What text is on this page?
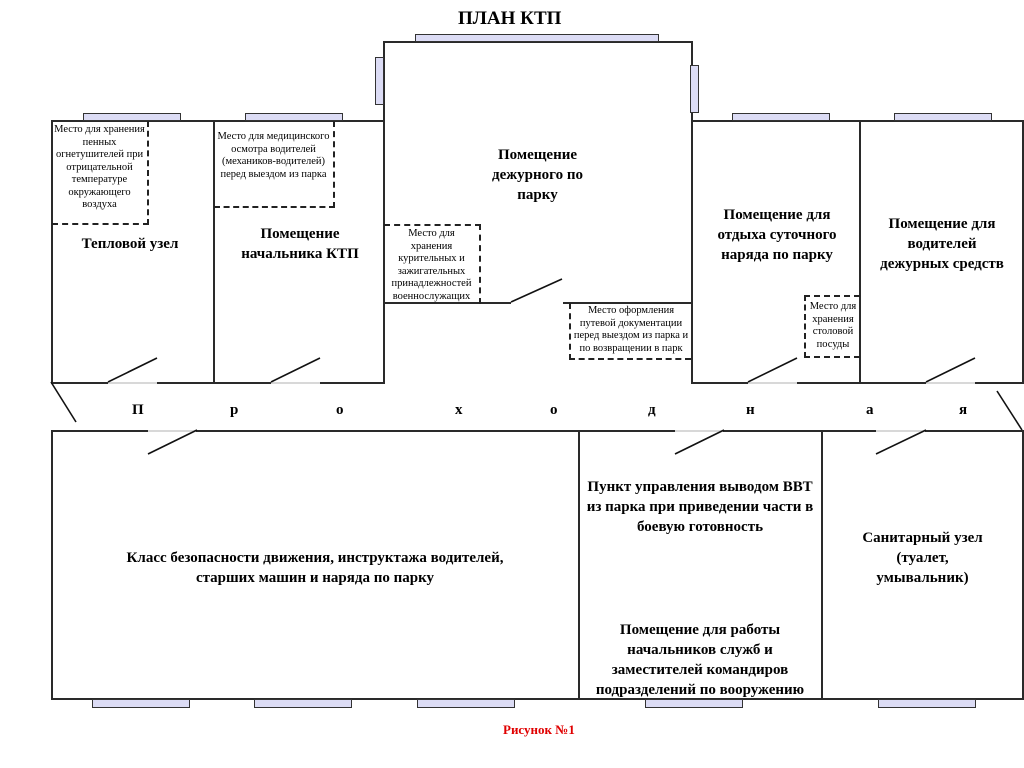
ПЛАН КТП
Место для хранения пенных огнетушителей при отрицательной температуре окружающего воздуха
Место для медицинского осмотра водителей (механиков-водителей) перед выездом из парка
Место для хранения курительных и зажигательных принадлежностей военнослужащих
Место оформления путевой документации перед выездом из парка и по возвращении в парк
Место для хранения столовой посуды
Тепловой узел
Помещение начальника КТП
Помещение дежурного по парку
Помещение для отдыха суточного наряда по парку
Помещение для водителей дежурных средств
П	р	о	х	о	д	н	а	я
Класс безопасности движения, инструктажа водителей, старших машин и наряда по парку
Пункт управления выводом ВВТ из парка при приведении части в боевую готовность
Помещение для работы начальников служб и заместителей командиров подразделений по вооружению
Санитарный узел (туалет, умывальник)
Рисунок №1
